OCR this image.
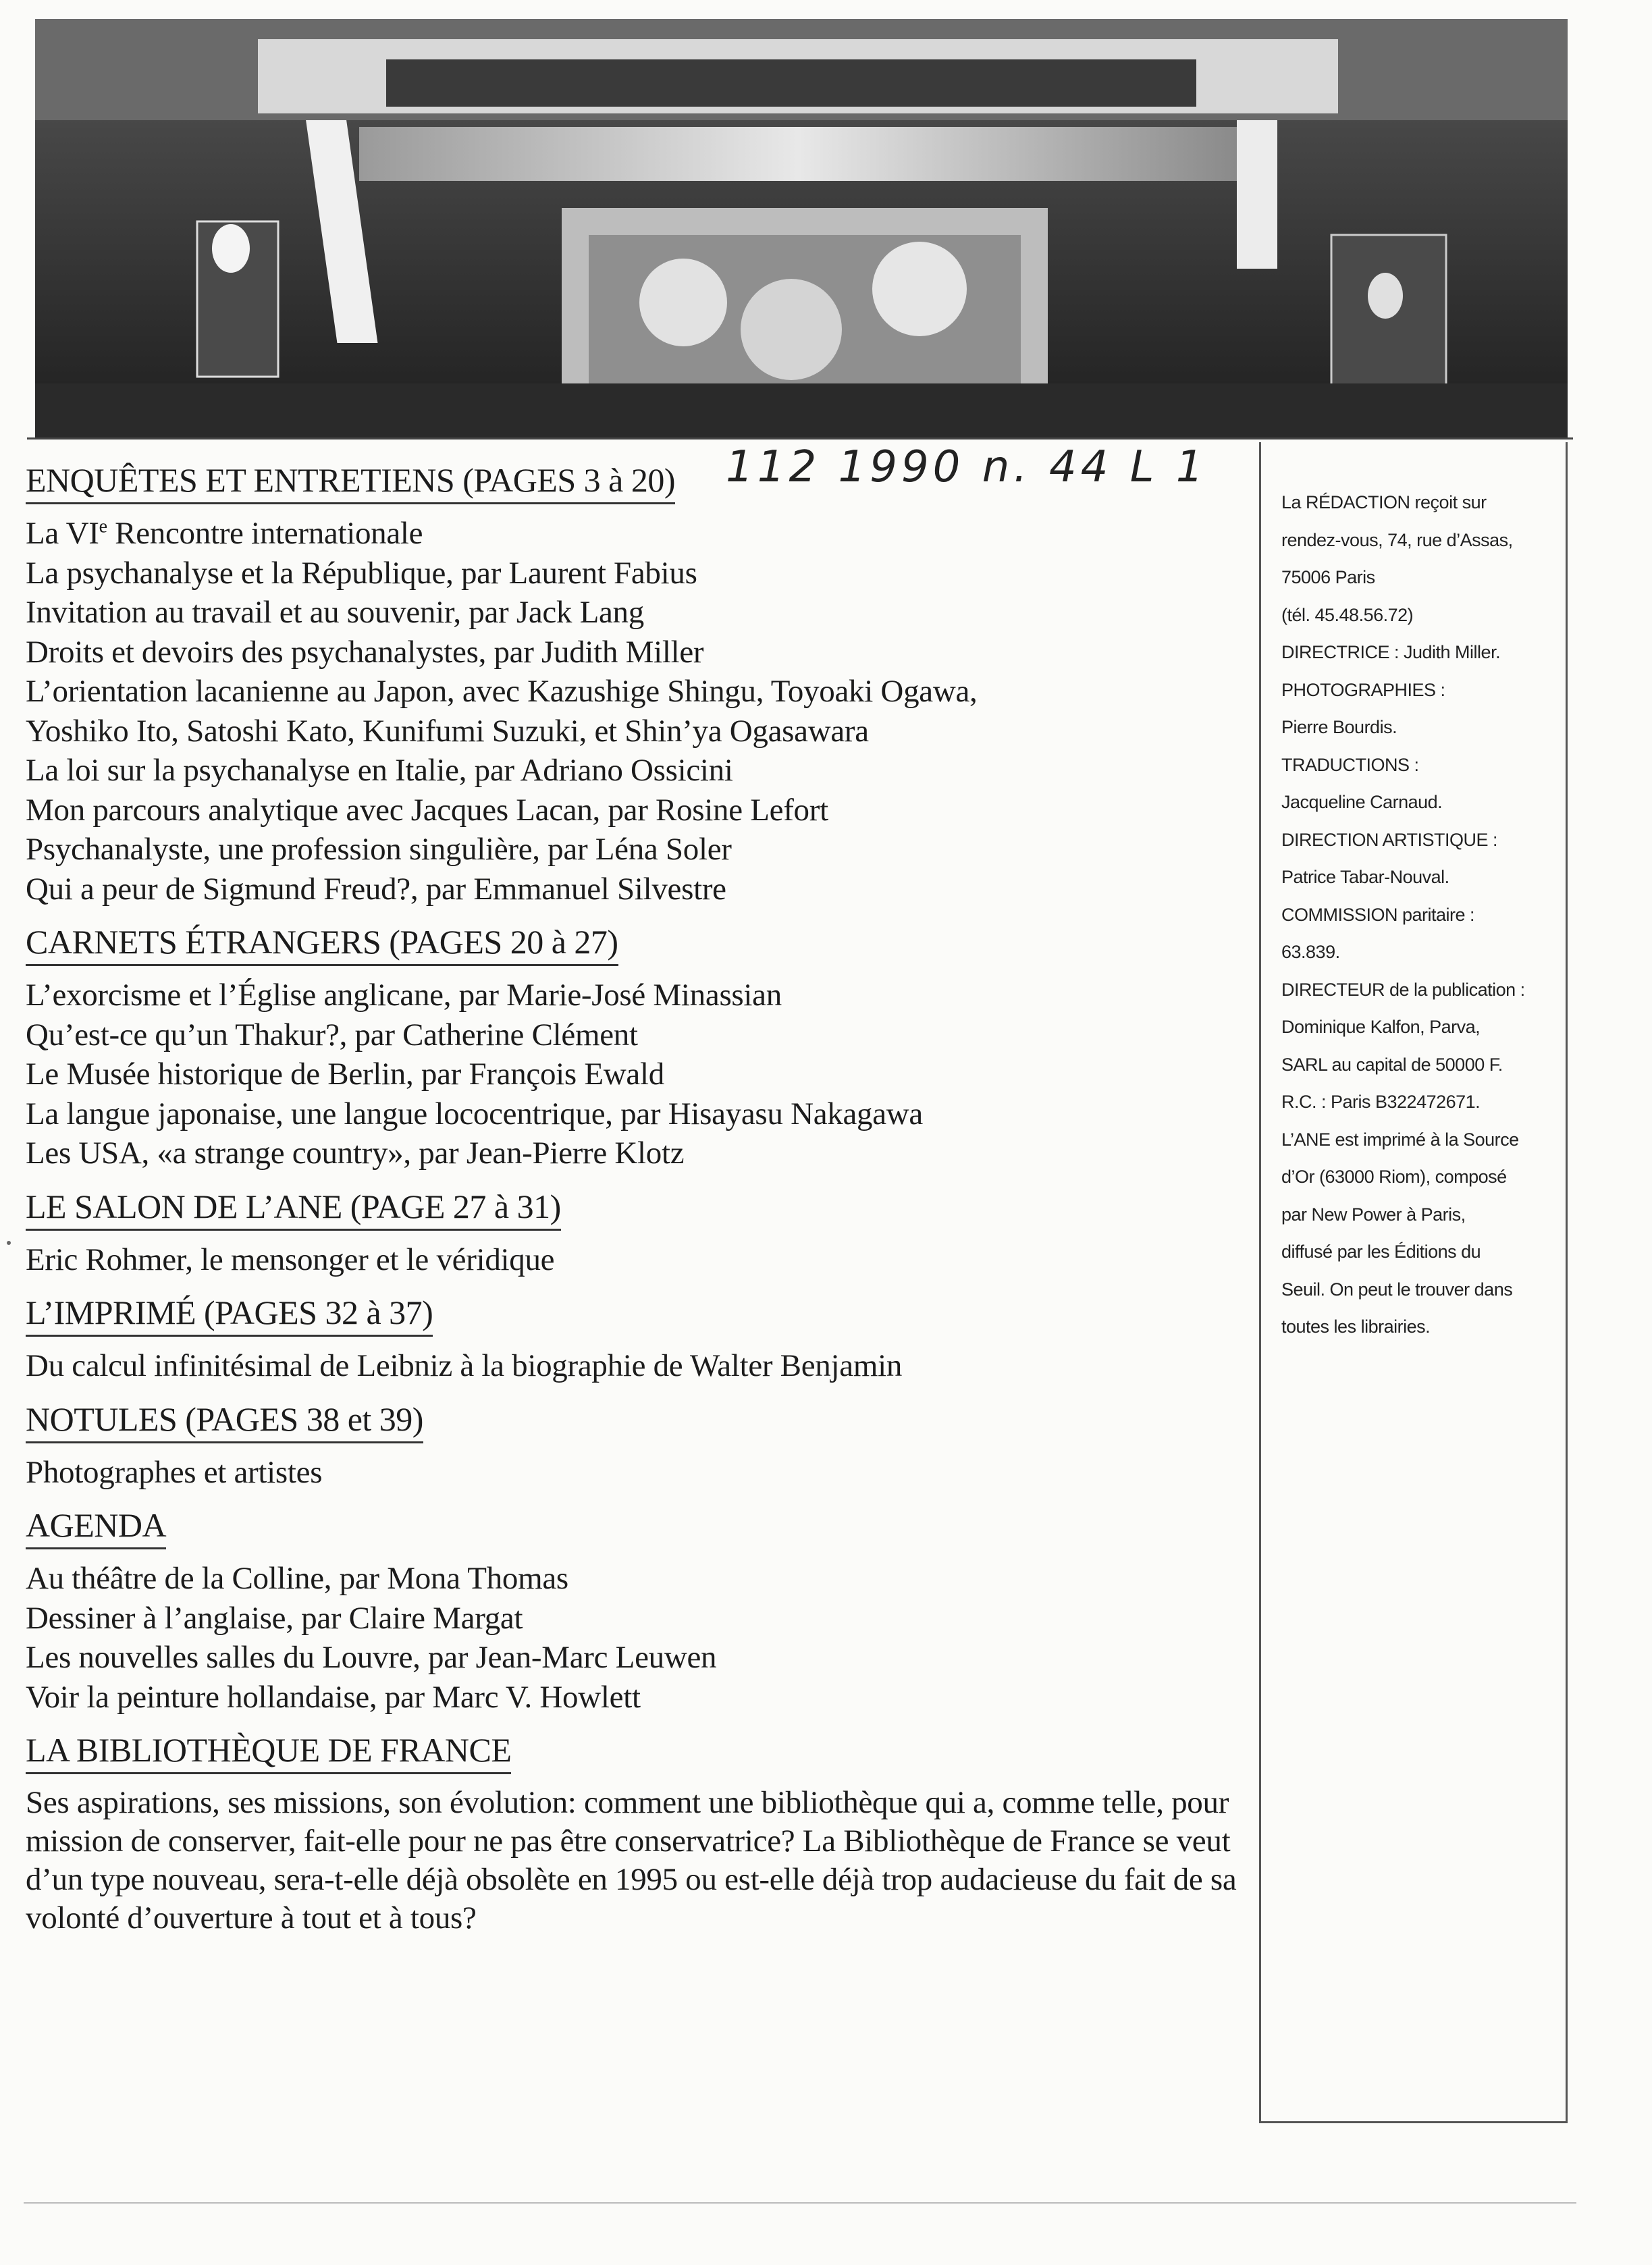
112 1990 n. 44 L 1
ENQUÊTES ET ENTRETIENS (PAGES 3 à 20)
La VIe Rencontre internationale
La psychanalyse et la République, par Laurent Fabius
Invitation au travail et au souvenir, par Jack Lang
Droits et devoirs des psychanalystes, par Judith Miller
L’orientation lacanienne au Japon, avec Kazushige Shingu, Toyoaki Ogawa,
Yoshiko Ito, Satoshi Kato, Kunifumi Suzuki, et Shin’ya Ogasawara
La loi sur la psychanalyse en Italie, par Adriano Ossicini
Mon parcours analytique avec Jacques Lacan, par Rosine Lefort
Psychanalyste, une profession singulière, par Léna Soler
Qui a peur de Sigmund Freud?, par Emmanuel Silvestre
CARNETS ÉTRANGERS (PAGES 20 à 27)
L’exorcisme et l’Église anglicane, par Marie-José Minassian
Qu’est-ce qu’un Thakur?, par Catherine Clément
Le Musée historique de Berlin, par François Ewald
La langue japonaise, une langue lococentrique, par Hisayasu Nakagawa
Les USA, «a strange country», par Jean-Pierre Klotz
LE SALON DE L’ANE (PAGE 27 à 31)
Eric Rohmer, le mensonger et le véridique
L’IMPRIMÉ (PAGES 32 à 37)
Du calcul infinitésimal de Leibniz à la biographie de Walter Benjamin
NOTULES (PAGES 38 et 39)
Photographes et artistes
AGENDA
Au théâtre de la Colline, par Mona Thomas
Dessiner à l’anglaise, par Claire Margat
Les nouvelles salles du Louvre, par Jean-Marc Leuwen
Voir la peinture hollandaise, par Marc V. Howlett
LA BIBLIOTHÈQUE DE FRANCE

Ses aspirations, ses missions, son évolution: comment une bibliothèque qui a, comme telle, pour mission de conserver, fait-elle pour ne pas être conservatrice? La Bibliothèque de France se veut d’un type nouveau, sera-t-elle déjà obsolète en 1995 ou est-elle déjà trop audacieuse du fait de sa volonté d’ouverture à tout et à tous?

La RÉDACTION reçoit sur

rendez-vous, 74, rue d’Assas,

75006 Paris

(tél. 45.48.56.72)

DIRECTRICE : Judith Miller.

PHOTOGRAPHIES :

Pierre Bourdis.

TRADUCTIONS :

Jacqueline Carnaud.

DIRECTION ARTISTIQUE :

Patrice Tabar-Nouval.

COMMISSION paritaire :

63.839.

DIRECTEUR de la publication :

Dominique Kalfon, Parva,

SARL au capital de 50000 F.

R.C. : Paris B322472671.

L’ANE est imprimé à la Source

d’Or (63000 Riom), composé

par New Power à Paris,

diffusé par les Éditions du

Seuil. On peut le trouver dans

toutes les librairies.
